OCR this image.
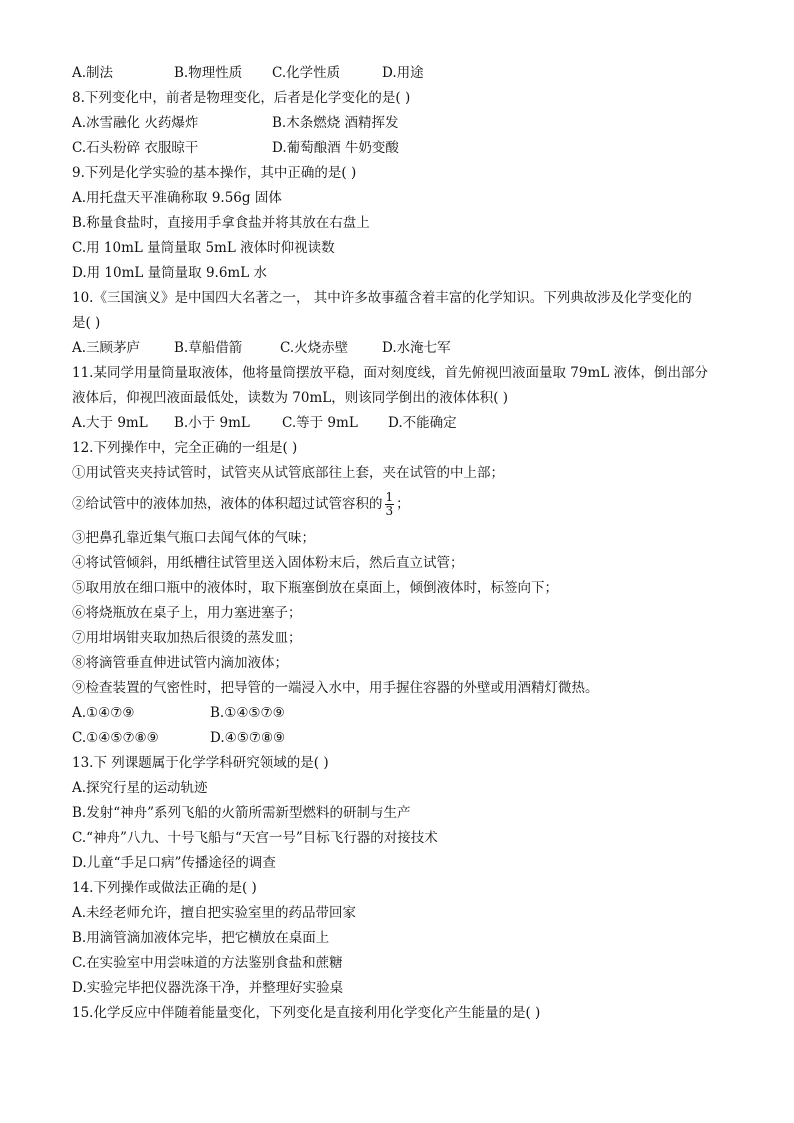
A.制法	B.物理性质 C.化学性质	D.用途
8.下列变化中，前者是物理变化，后者是化学变化的是( )
A.冰雪融化 火药爆炸	B.木条燃烧 酒精挥发
C.石头粉碎 衣服晾干	D.葡萄酿酒 牛奶变酸
9.下列是化学实验的基本操作，其中正确的是( )
A.用托盘天平准确称取 9.56g 固体
B.称量食盐时，直接用手拿食盐并将其放在右盘上
C.用 10mL 量筒量取 5mL 液体时仰视读数
D.用 10mL 量筒量取 9.6mL 水
10.《三国演义》是中国四大名著之一， 其中许多故事蕴含着丰富的化学知识。下列典故涉及化学变化的
是( )
A.三顾茅庐	B.草船借箭	C.火烧赤壁	D.水淹七军
11.某同学用量筒量取液体，他将量筒摆放平稳，面对刻度线，首先俯视凹液面量取 79mL 液体，倒出部分
液体后，仰视凹液面最低处，读数为 70mL，则该同学倒出的液体体积( )
A.大于 9mL B.小于 9mL C.等于 9mL D.不能确定
12.下列操作中，完全正确的一组是( )
①用试管夹夹持试管时，试管夹从试管底部往上套，夹在试管的中上部；
②给试管中的液体加热，液体的体积超过试管容积的 $\frac{1}{3}$ ；
③把鼻孔靠近集气瓶口去闻气体的气味；
④将试管倾斜，用纸槽往试管里送入固体粉末后，然后直立试管；
⑤取用放在细口瓶中的液体时，取下瓶塞倒放在桌面上，倾倒液体时，标签向下；
⑥将烧瓶放在桌子上，用力塞进塞子；
⑦用坩埚钳夹取加热后很烫的蒸发皿；
⑧将滴管垂直伸进试管内滴加液体；
⑨检查装置的气密性时，把导管的一端浸入水中，用手握住容器的外壁或用酒精灯微热。
A.①④⑦⑨	B.①④⑤⑦⑨
C.①④⑤⑦⑧⑨	D.④⑤⑦⑧⑨
13.下 列课题属于化学学科研究领域的是( )
A.探究行星的运动轨迹
B.发射“神舟”系列飞船的火箭所需新型燃料的研制与生产
C.“神舟”八九、十号飞船与“天宫一号”目标飞行器的对接技术
D.儿童“手足口病”传播途径的调查
14.下列操作或做法正确的是( )
A.未经老师允许，擅自把实验室里的药品带回家
B.用滴管滴加液体完毕，把它横放在桌面上
C.在实验室中用尝味道的方法鉴别食盐和蔗糖
D.实验完毕把仪器洗涤干净，并整理好实验桌
15.化学反应中伴随着能量变化，下列变化是直接利用化学变化产生能量的是( )
